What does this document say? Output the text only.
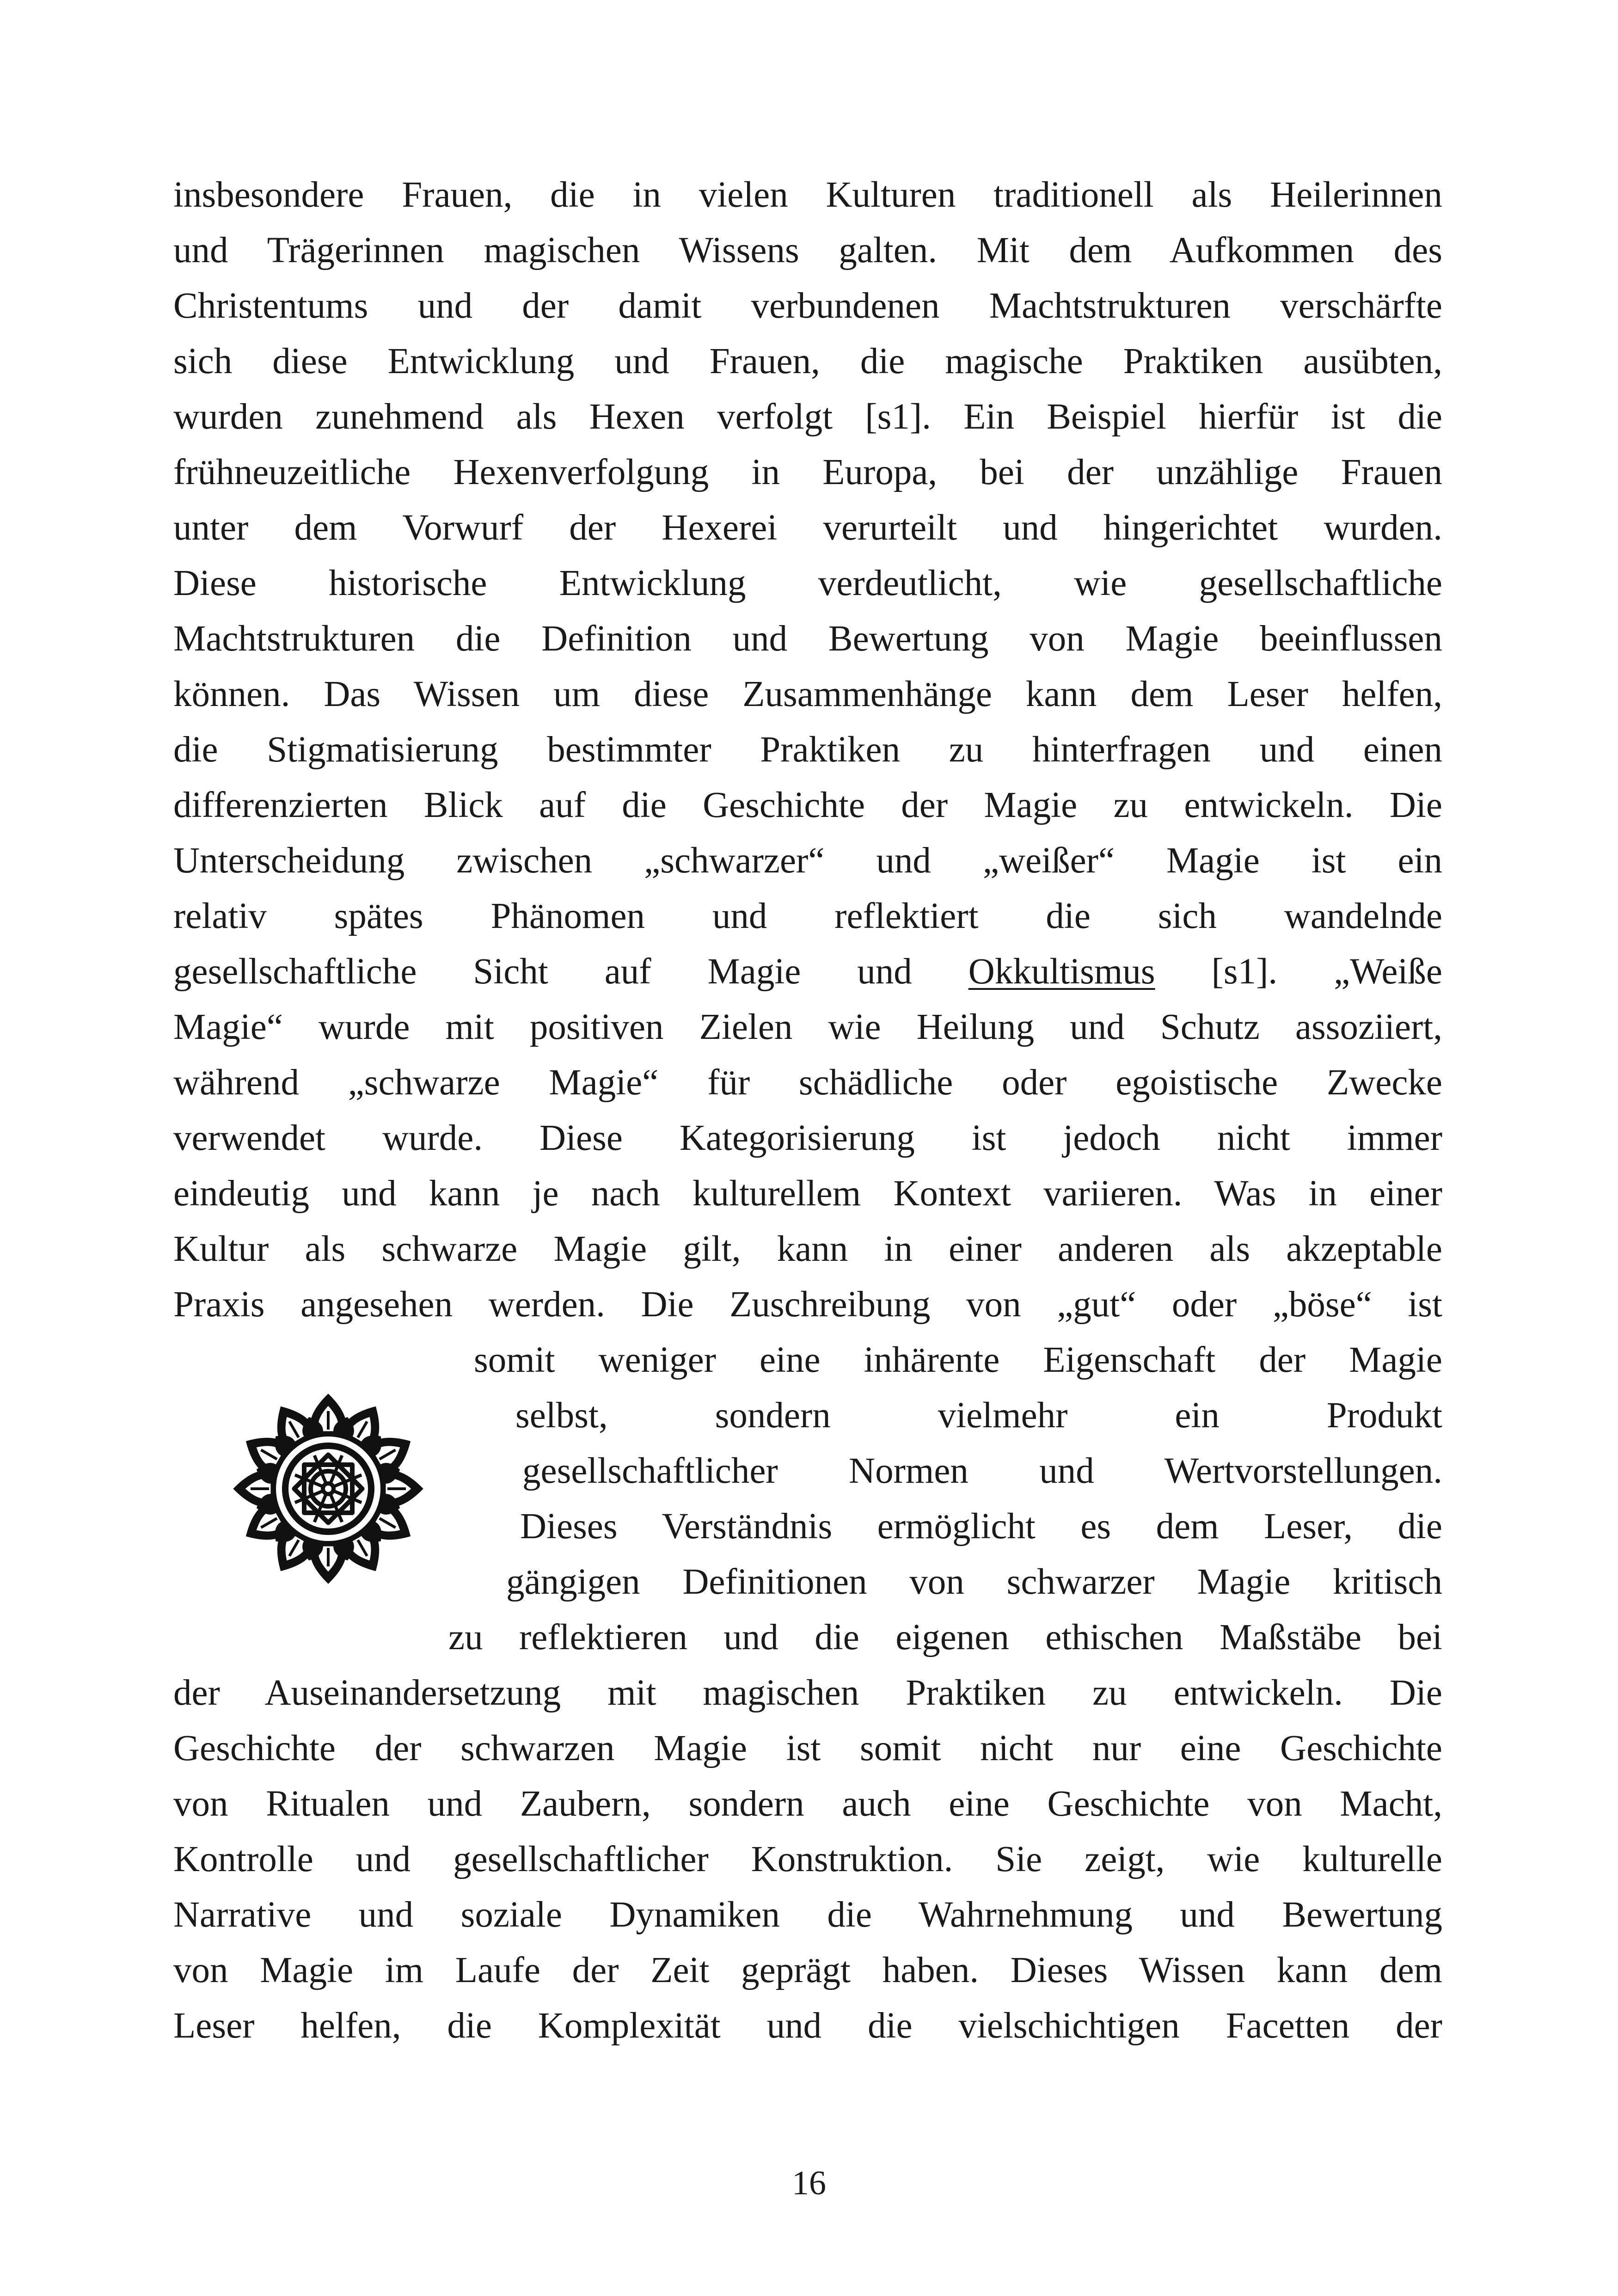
insbesondere Frauen, die in vielen Kulturen traditionell als Heilerinnen

und Trägerinnen magischen Wissens galten. Mit dem Aufkommen des

Christentums und der damit verbundenen Machtstrukturen verschärfte

sich diese Entwicklung und Frauen, die magische Praktiken ausübten,

wurden zunehmend als Hexen verfolgt [s1]. Ein Beispiel hierfür ist die

frühneuzeitliche Hexenverfolgung in Europa, bei der unzählige Frauen

unter dem Vorwurf der Hexerei verurteilt und hingerichtet wurden.

Diese historische Entwicklung verdeutlicht, wie gesellschaftliche

Machtstrukturen die Definition und Bewertung von Magie beeinflussen

können. Das Wissen um diese Zusammenhänge kann dem Leser helfen,

die Stigmatisierung bestimmter Praktiken zu hinterfragen und einen

differenzierten Blick auf die Geschichte der Magie zu entwickeln. Die

Unterscheidung zwischen „schwarzer“ und „weißer“ Magie ist ein

relativ spätes Phänomen und reflektiert die sich wandelnde

gesellschaftliche Sicht auf Magie und Okkultismus [s1]. „Weiße

Magie“ wurde mit positiven Zielen wie Heilung und Schutz assoziiert,

während „schwarze Magie“ für schädliche oder egoistische Zwecke

verwendet wurde. Diese Kategorisierung ist jedoch nicht immer

eindeutig und kann je nach kulturellem Kontext variieren. Was in einer

Kultur als schwarze Magie gilt, kann in einer anderen als akzeptable

Praxis angesehen werden. Die Zuschreibung von „gut“ oder „böse“ ist

somit weniger eine inhärente Eigenschaft der Magie

selbst, sondern vielmehr ein Produkt

gesellschaftlicher Normen und Wertvorstellungen.

Dieses Verständnis ermöglicht es dem Leser, die

gängigen Definitionen von schwarzer Magie kritisch

zu reflektieren und die eigenen ethischen Maßstäbe bei

der Auseinandersetzung mit magischen Praktiken zu entwickeln. Die

Geschichte der schwarzen Magie ist somit nicht nur eine Geschichte

von Ritualen und Zaubern, sondern auch eine Geschichte von Macht,

Kontrolle und gesellschaftlicher Konstruktion. Sie zeigt, wie kulturelle

Narrative und soziale Dynamiken die Wahrnehmung und Bewertung

von Magie im Laufe der Zeit geprägt haben. Dieses Wissen kann dem

Leser helfen, die Komplexität und die vielschichtigen Facetten der

16
